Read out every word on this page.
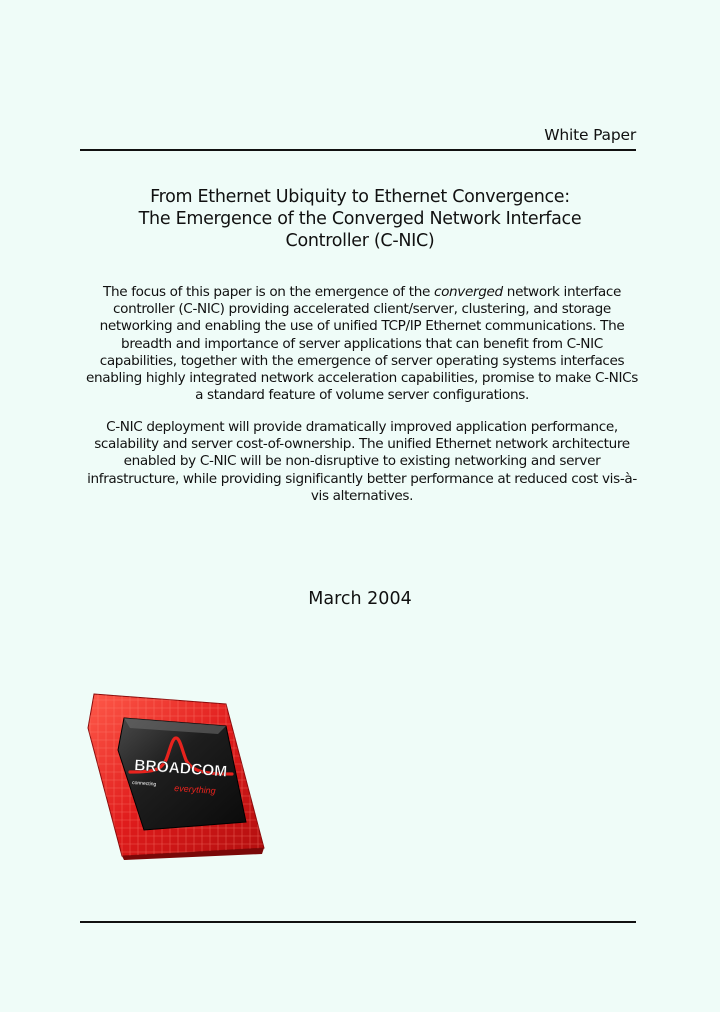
White Paper
From Ethernet Ubiquity to Ethernet Convergence:
The Emergence of the Converged Network Interface
Controller (C-NIC)
The focus of this paper is on the emergence of the converged network interface controller (C-NIC) providing accelerated client/server, clustering, and storage networking and enabling the use of unified TCP/IP Ethernet communications. The breadth and importance of server applications that can benefit from C-NIC capabilities, together with the emergence of server operating systems interfaces enabling highly integrated network acceleration capabilities, promise to make C-NICs a standard feature of volume server configurations.
C-NIC deployment will provide dramatically improved application performance, scalability and server cost-of-ownership. The unified Ethernet network architecture enabled by C-NIC will be non-disruptive to existing networking and server infrastructure, while providing significantly better performance at reduced cost vis-à-vis alternatives.
March 2004
BROADCOM
connecting everything
